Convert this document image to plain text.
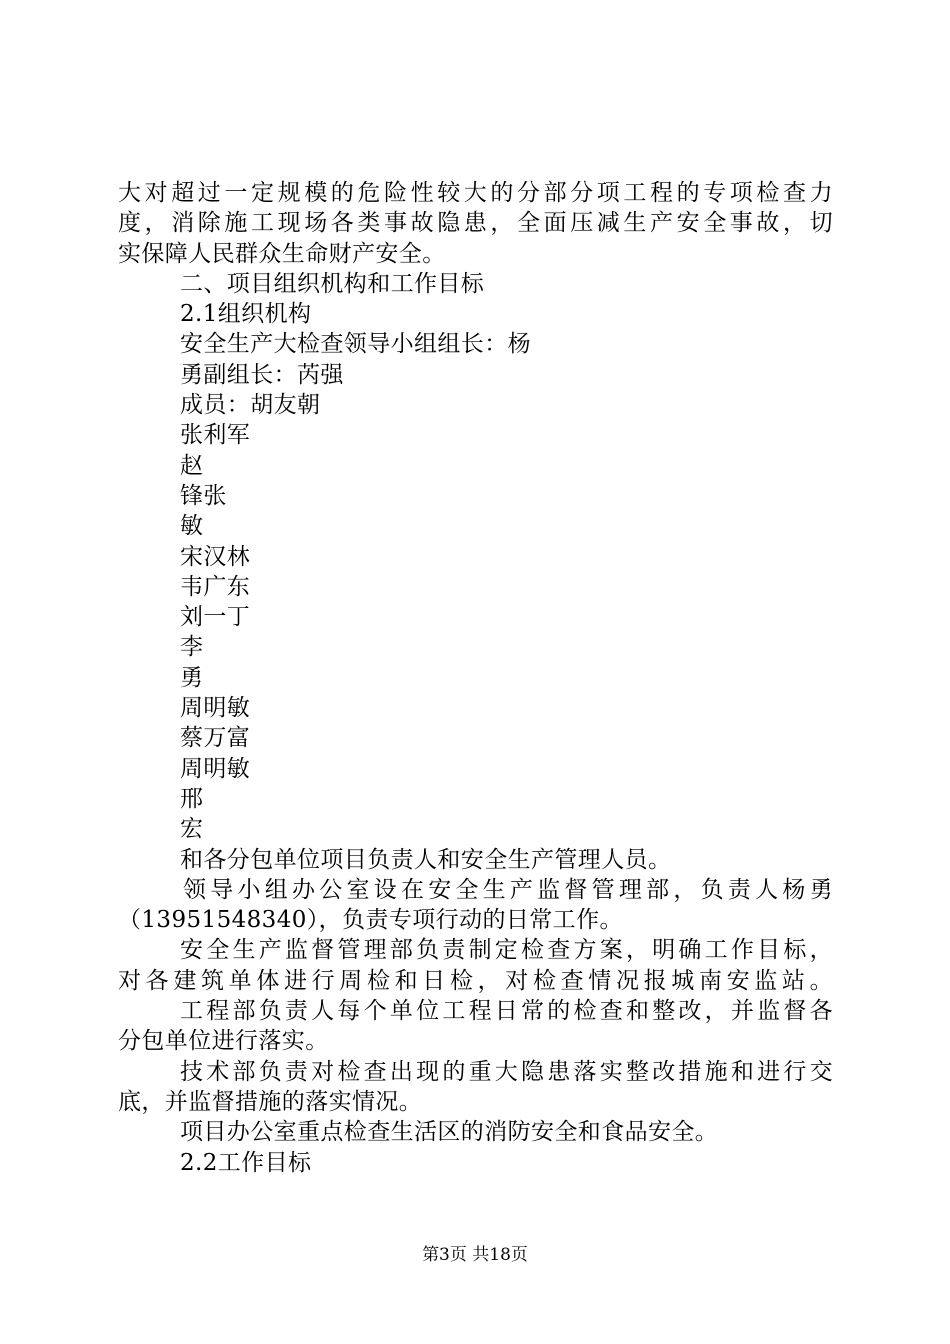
大对超过一定规模的危险性较大的分部分项工程的专项检查力
度，消除施工现场各类事故隐患，全面压减生产安全事故，切
实保障人民群众生命财产安全。
二、项目组织机构和工作目标
2.1组织机构
安全生产大检查领导小组组长：杨
勇副组长：芮强
成员：胡友朝
张利军
赵
锋张
敏
宋汉林
韦广东
刘一丁
李
勇
周明敏
蔡万富
周明敏
邢
宏
和各分包单位项目负责人和安全生产管理人员。
领导小组办公室设在安全生产监督管理部，负责人杨勇
（13951548340），负责专项行动的日常工作。
安全生产监督管理部负责制定检查方案，明确工作目标，
对各建筑单体进行周检和日检，对检查情况报城南安监站。
工程部负责人每个单位工程日常的检查和整改，并监督各
分包单位进行落实。
技术部负责对检查出现的重大隐患落实整改措施和进行交
底，并监督措施的落实情况。
项目办公室重点检查生活区的消防安全和食品安全。
2.2工作目标
第3页 共18页
